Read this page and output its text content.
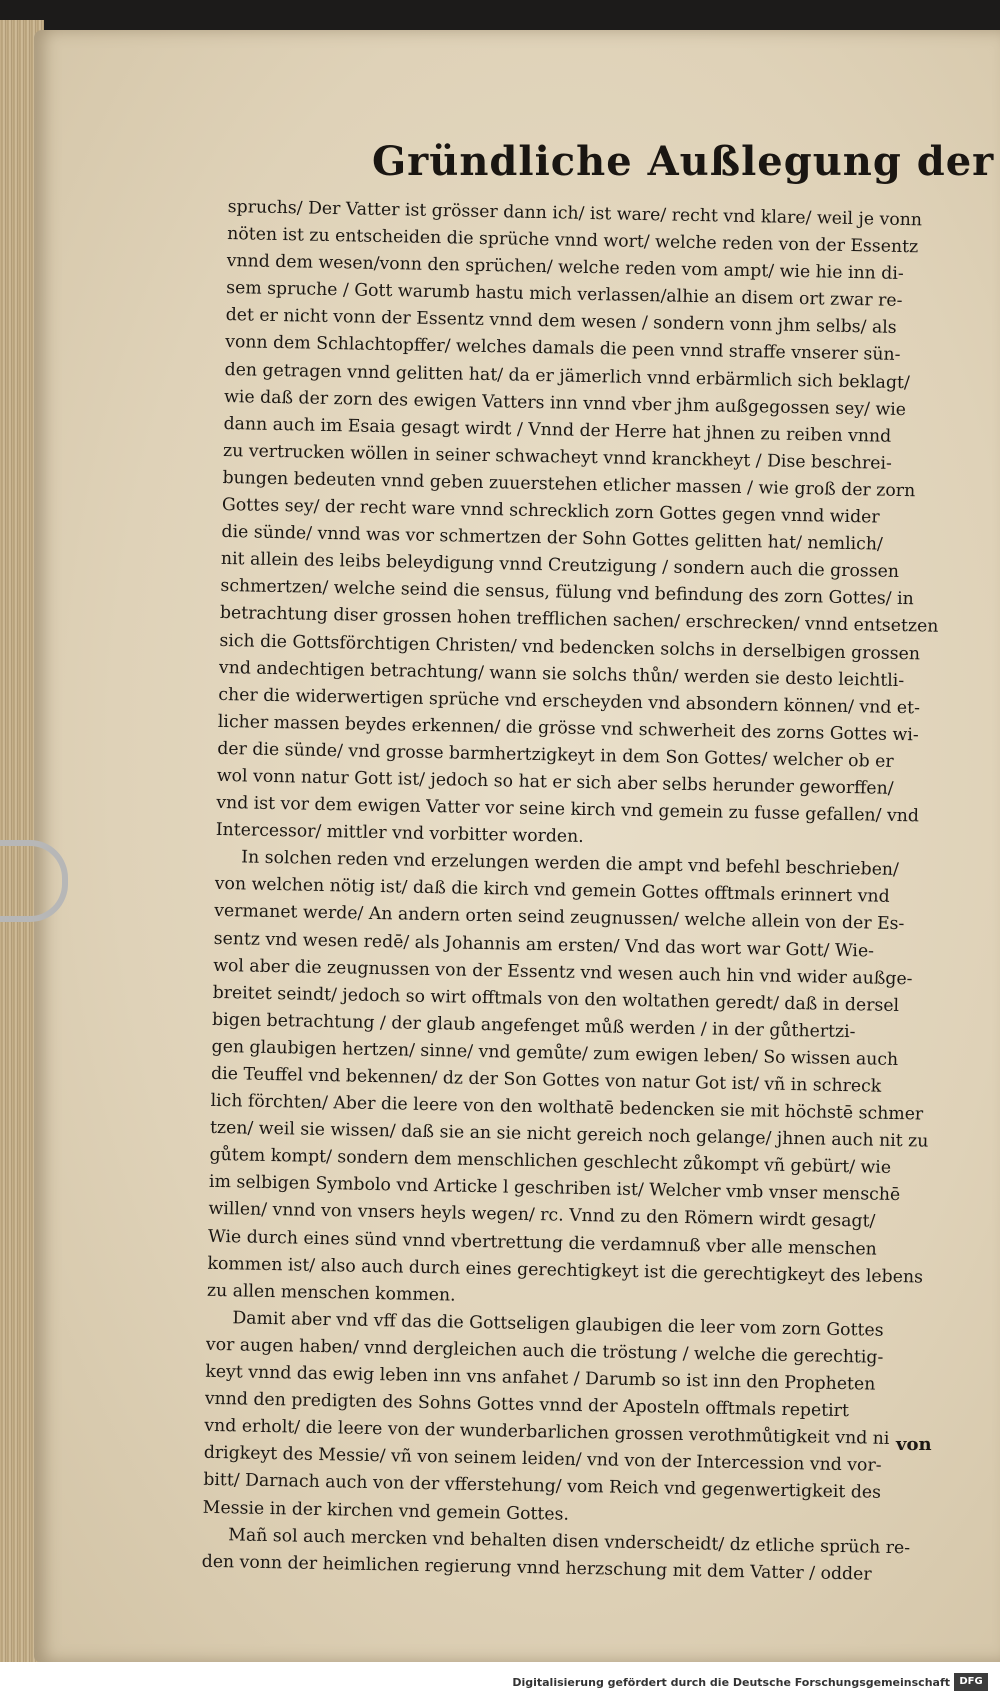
Gründliche Außlegung der
spruchs/ Der Vatter ist grösser dann ich/ ist ware/ recht vnd klare/ weil je vonn
nöten ist zu entscheiden die sprüche vnnd wort/ welche reden von der Essentz
vnnd dem wesen/vonn den sprüchen/ welche reden vom ampt/ wie hie inn di-
sem spruche / Gott warumb hastu mich verlassen/alhie an disem ort zwar re-
det er nicht vonn der Essentz vnnd dem wesen / sondern vonn jhm selbs/ als
vonn dem Schlachtopffer/ welches damals die peen vnnd straffe vnserer sün-
den getragen vnnd gelitten hat/ da er jämerlich vnnd erbärmlich sich beklagt/
wie daß der zorn des ewigen Vatters inn vnnd vber jhm außgegossen sey/ wie
dann auch im Esaia gesagt wirdt / Vnnd der Herre hat jhnen zu reiben vnnd
zu vertrucken wöllen in seiner schwacheyt vnnd kranckheyt / Dise beschrei-
bungen bedeuten vnnd geben zuuerstehen etlicher massen / wie groß der zorn
Gottes sey/ der recht ware vnnd schrecklich zorn Gottes gegen vnnd wider
die sünde/ vnnd was vor schmertzen der Sohn Gottes gelitten hat/ nemlich/
nit allein des leibs beleydigung vnnd Creutzigung / sondern auch die grossen
schmertzen/ welche seind die sensus, fülung vnd befindung des zorn Gottes/ in
betrachtung diser grossen hohen trefflichen sachen/ erschrecken/ vnnd entsetzen
sich die Gottsförchtigen Christen/ vnd bedencken solchs in derselbigen grossen
vnd andechtigen betrachtung/ wann sie solchs thůn/ werden sie desto leichtli-
cher die widerwertigen sprüche vnd erscheyden vnd absondern können/ vnd et-
licher massen beydes erkennen/ die grösse vnd schwerheit des zorns Gottes wi-
der die sünde/ vnd grosse barmhertzigkeyt in dem Son Gottes/ welcher ob er
wol vonn natur Gott ist/ jedoch so hat er sich aber selbs herunder geworffen/
vnd ist vor dem ewigen Vatter vor seine kirch vnd gemein zu fusse gefallen/ vnd
Intercessor/ mittler vnd vorbitter worden.
In solchen reden vnd erzelungen werden die ampt vnd befehl beschrieben/
von welchen nötig ist/ daß die kirch vnd gemein Gottes offtmals erinnert vnd
vermanet werde/ An andern orten seind zeugnussen/ welche allein von der Es-
sentz vnd wesen redē/ als Johannis am ersten/ Vnd das wort war Gott/ Wie-
wol aber die zeugnussen von der Essentz vnd wesen auch hin vnd wider außge-
breitet seindt/ jedoch so wirt offtmals von den woltathen geredt/ daß in dersel
bigen betrachtung / der glaub angefenget můß werden / in der gůthertzi-
gen glaubigen hertzen/ sinne/ vnd gemůte/ zum ewigen leben/ So wissen auch
die Teuffel vnd bekennen/ dz der Son Gottes von natur Got ist/ vñ in schreck
lich förchten/ Aber die leere von den wolthatē bedencken sie mit höchstē schmer
tzen/ weil sie wissen/ daß sie an sie nicht gereich noch gelange/ jhnen auch nit zu
gůtem kompt/ sondern dem menschlichen geschlecht zůkompt vñ gebürt/ wie
im selbigen Symbolo vnd Articke l geschriben ist/ Welcher vmb vnser menschē
willen/ vnnd von vnsers heyls wegen/ rc. Vnnd zu den Römern wirdt gesagt/
Wie durch eines sünd vnnd vbertrettung die verdamnuß vber alle menschen
kommen ist/ also auch durch eines gerechtigkeyt ist die gerechtigkeyt des lebens
zu allen menschen kommen.
Damit aber vnd vff das die Gottseligen glaubigen die leer vom zorn Gottes
vor augen haben/ vnnd dergleichen auch die tröstung / welche die gerechtig-
keyt vnnd das ewig leben inn vns anfahet / Darumb so ist inn den Propheten
vnnd den predigten des Sohns Gottes vnnd der Aposteln offtmals repetirt
vnd erholt/ die leere von der wunderbarlichen grossen verothmůtigkeit vnd ni
drigkeyt des Messie/ vñ von seinem leiden/ vnd von der Intercession vnd vor-
bitt/ Darnach auch von der vfferstehung/ vom Reich vnd gegenwertigkeit des
Messie in der kirchen vnd gemein Gottes.
Mañ sol auch mercken vnd behalten disen vnderscheidt/ dz etliche sprüch re-
den vonn der heimlichen regierung vnnd herzschung mit dem Vatter / odder
von
Digitalisierung gefördert durch die Deutsche Forschungsgemeinschaft DFG
